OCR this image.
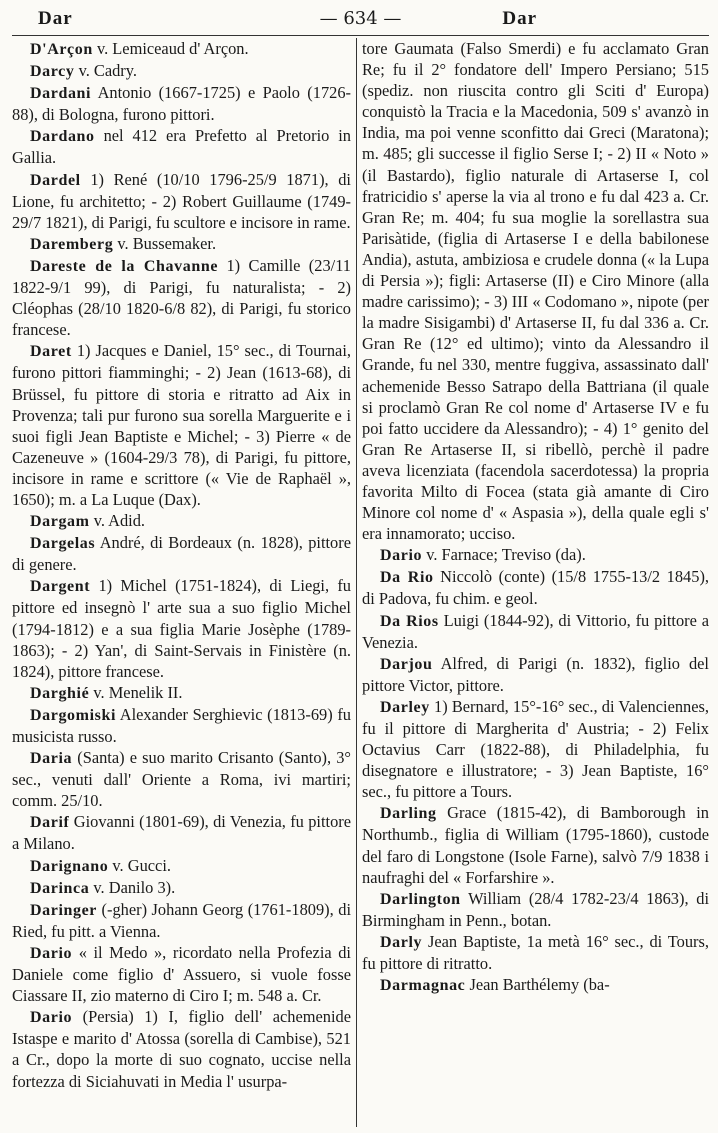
Dar	— 634 —	Dar

D'Arçon v. Lemiceaud d' Arçon.

Darcy v. Cadry.

Dardani Antonio (1667-1725) e Paolo (1726-88), di Bologna, furono pittori.

Dardano nel 412 era Prefetto al Pretorio in Gallia.

Dardel 1) René (10/10 1796-25/9 1871), di Lione, fu architetto; - 2) Robert Guillaume (1749-29/7 1821), di Parigi, fu scultore e incisore in rame.

Daremberg v. Bussemaker.

Dareste de la Chavanne 1) Camille (23/11 1822-9/1 99), di Parigi, fu naturalista; - 2) Cléophas (28/10 1820-6/8 82), di Parigi, fu storico francese.

Daret 1) Jacques e Daniel, 15° sec., di Tournai, furono pittori fiamminghi; - 2) Jean (1613-68), di Brüssel, fu pittore di storia e ritratto ad Aix in Provenza; tali pur furono sua sorella Marguerite e i suoi figli Jean Baptiste e Michel; - 3) Pierre « de Cazeneuve » (1604-29/3 78), di Parigi, fu pittore, incisore in rame e scrittore (« Vie de Raphaël », 1650); m. a La Luque (Dax).

Dargam v. Adid.

Dargelas André, di Bordeaux (n. 1828), pittore di genere.

Dargent 1) Michel (1751-1824), di Liegi, fu pittore ed insegnò l' arte sua a suo figlio Michel (1794-1812) e a sua figlia Marie Josèphe (1789-1863); - 2) Yan', di Saint-Servais in Finistère (n. 1824), pittore francese.

Darghié v. Menelik II.

Dargomiski Alexander Serghievic (1813-69) fu musicista russo.

Daria (Santa) e suo marito Crisanto (Santo), 3° sec., venuti dall' Oriente a Roma, ivi martiri; comm. 25/10.

Darif Giovanni (1801-69), di Venezia, fu pittore a Milano.

Darignano v. Gucci.

Darinca v. Danilo 3).

Daringer (-gher) Johann Georg (1761-1809), di Ried, fu pitt. a Vienna.

Dario « il Medo », ricordato nella Profezia di Daniele come figlio d' Assuero, si vuole fosse Ciassare II, zio materno di Ciro I; m. 548 a. Cr.

Dario (Persia) 1) I, figlio dell' achemenide Istaspe e marito d' Atossa (sorella di Cambise), 521 a Cr., dopo la morte di suo cognato, uccise nella fortezza di Siciahuvati in Media l' usurpa-

tore Gaumata (Falso Smerdi) e fu acclamato Gran Re; fu il 2° fondatore dell' Impero Persiano; 515 (spediz. non riuscita contro gli Sciti d' Europa) conquistò la Tracia e la Macedonia, 509 s' avanzò in India, ma poi venne sconfitto dai Greci (Maratona); m. 485; gli successe il figlio Serse I; - 2) II « Noto » (il Bastardo), figlio naturale di Artaserse I, col fratricidio s' aperse la via al trono e fu dal 423 a. Cr. Gran Re; m. 404; fu sua moglie la sorellastra sua Parisàtide, (figlia di Artaserse I e della babilonese Andia), astuta, ambiziosa e crudele donna (« la Lupa di Persia »); figli: Artaserse (II) e Ciro Minore (alla madre carissimo); - 3) III « Codomano », nipote (per la madre Sisigambi) d' Artaserse II, fu dal 336 a. Cr. Gran Re (12° ed ultimo); vinto da Alessandro il Grande, fu nel 330, mentre fuggiva, assassinato dall' achemenide Besso Satrapo della Battriana (il quale si proclamò Gran Re col nome d' Artaserse IV e fu poi fatto uccidere da Alessandro); - 4) 1° genito del Gran Re Artaserse II, si ribellò, perchè il padre aveva licenziata (facendola sacerdotessa) la propria favorita Milto di Focea (stata già amante di Ciro Minore col nome d' « Aspasia »), della quale egli s' era innamorato; ucciso.

Dario v. Farnace; Treviso (da).

Da Rio Niccolò (conte) (15/8 1755-13/2 1845), di Padova, fu chim. e geol.

Da Rios Luigi (1844-92), di Vittorio, fu pittore a Venezia.

Darjou Alfred, di Parigi (n. 1832), figlio del pittore Victor, pittore.

Darley 1) Bernard, 15°-16° sec., di Valenciennes, fu il pittore di Margherita d' Austria; - 2) Felix Octavius Carr (1822-88), di Philadelphia, fu disegnatore e illustratore; - 3) Jean Baptiste, 16° sec., fu pittore a Tours.

Darling Grace (1815-42), di Bamborough in Northumb., figlia di William (1795-1860), custode del faro di Longstone (Isole Farne), salvò 7/9 1838 i naufraghi del « Forfarshire ».

Darlington William (28/4 1782-23/4 1863), di Birmingham in Penn., botan.

Darly Jean Baptiste, 1a metà 16° sec., di Tours, fu pittore di ritratto.

Darmagnac Jean Barthélemy (ba-
